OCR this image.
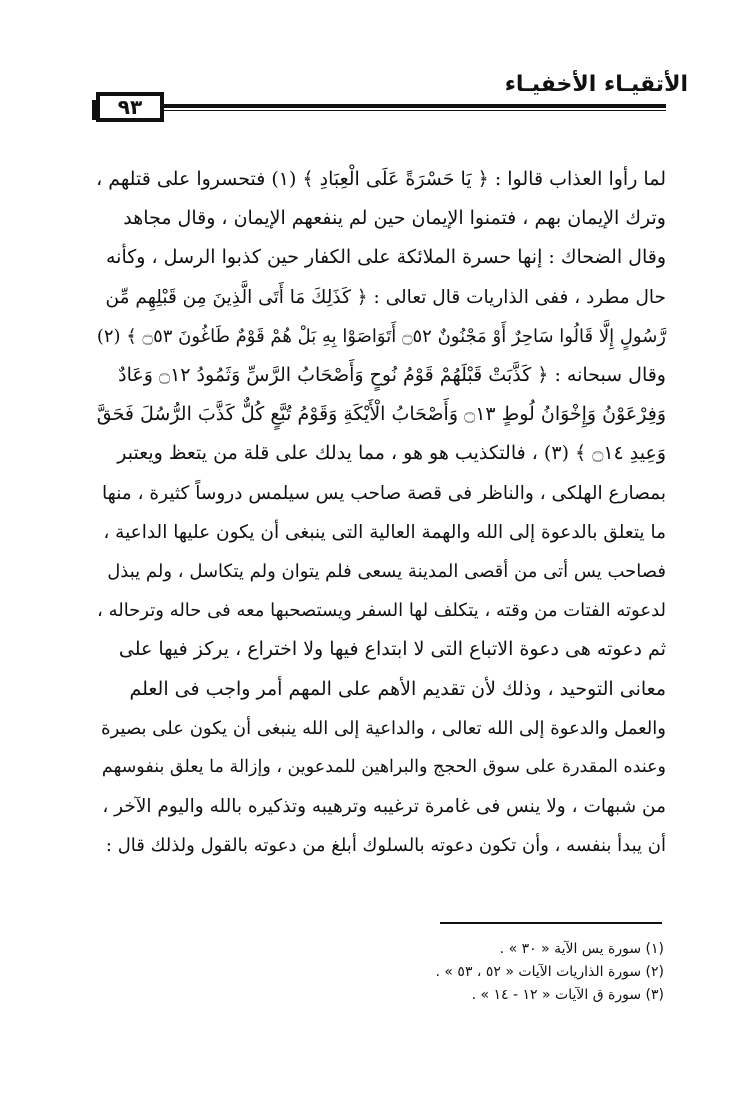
الأتقيـاء الأخفيـاء
٩٣

لما رأوا العذاب قالوا : ﴿ يَا حَسْرَةً عَلَى الْعِبَادِ ﴾ (١) فتحسروا على قتلهم ،

وترك الإيمان بهم ، فتمنوا الإيمان حين لم ينفعهم الإيمان ، وقال مجاهد

وقال الضحاك : إنها حسرة الملائكة على الكفار حين كذبوا الرسل ، وكأنه

حال مطرد ، ففى الذاريات قال تعالى : ﴿ كَذَلِكَ مَا أَتَى الَّذِينَ مِن قَبْلِهِم مِّن

رَّسُولٍ إِلَّا قَالُوا سَاحِرٌ أَوْ مَجْنُونٌ ۝٥٢ أَتَوَاصَوْا بِهِ بَلْ هُمْ قَوْمٌ طَاغُونَ ۝٥٣ ﴾ (٢)

وقال سبحانه : ﴿ كَذَّبَتْ قَبْلَهُمْ قَوْمُ نُوحٍ وَأَصْحَابُ الرَّسِّ وَثَمُودُ ۝١٢ وَعَادٌ

وَفِرْعَوْنُ وَإِخْوَانُ لُوطٍ ۝١٣ وَأَصْحَابُ الْأَيْكَةِ وَقَوْمُ تُبَّعٍ كُلٌّ كَذَّبَ الرُّسُلَ فَحَقَّ

وَعِيدِ ۝١٤ ﴾ (٣) ، فالتكذيب هو هو ، مما يدلك على قلة من يتعظ ويعتبر

بمصارع الهلكى ، والناظر فى قصة صاحب يس سيلمس دروساً كثيرة ، منها

ما يتعلق بالدعوة إلى الله والهمة العالية التى ينبغى أن يكون عليها الداعية ،

فصاحب يس أتى من أقصى المدينة يسعى فلم يتوان ولم يتكاسل ، ولم يبذل

لدعوته الفتات من وقته ، يتكلف لها السفر ويستصحبها معه فى حاله وترحاله ،

ثم دعوته هى دعوة الاتباع التى لا ابتداع فيها ولا اختراع ، يركز فيها على

معانى التوحيد ، وذلك لأن تقديم الأهم على المهم أمر واجب فى العلم

والعمل والدعوة إلى الله تعالى ، والداعية إلى الله ينبغى أن يكون على بصيرة

وعنده المقدرة على سوق الحجج والبراهين للمدعوين ، وإزالة ما يعلق بنفوسهم

من شبهات ، ولا ينس فى غامرة ترغيبه وترهيبه وتذكيره بالله واليوم الآخر ،

أن يبدأ بنفسه ، وأن تكون دعوته بالسلوك أبلغ من دعوته بالقول ولذلك قال :

(١) سورة يس الآية « ٣٠ » .
(٢) سورة الذاريات الآيات « ٥٢ ، ٥٣ » .
(٣) سورة ق الآيات « ١٢ - ١٤ » .
